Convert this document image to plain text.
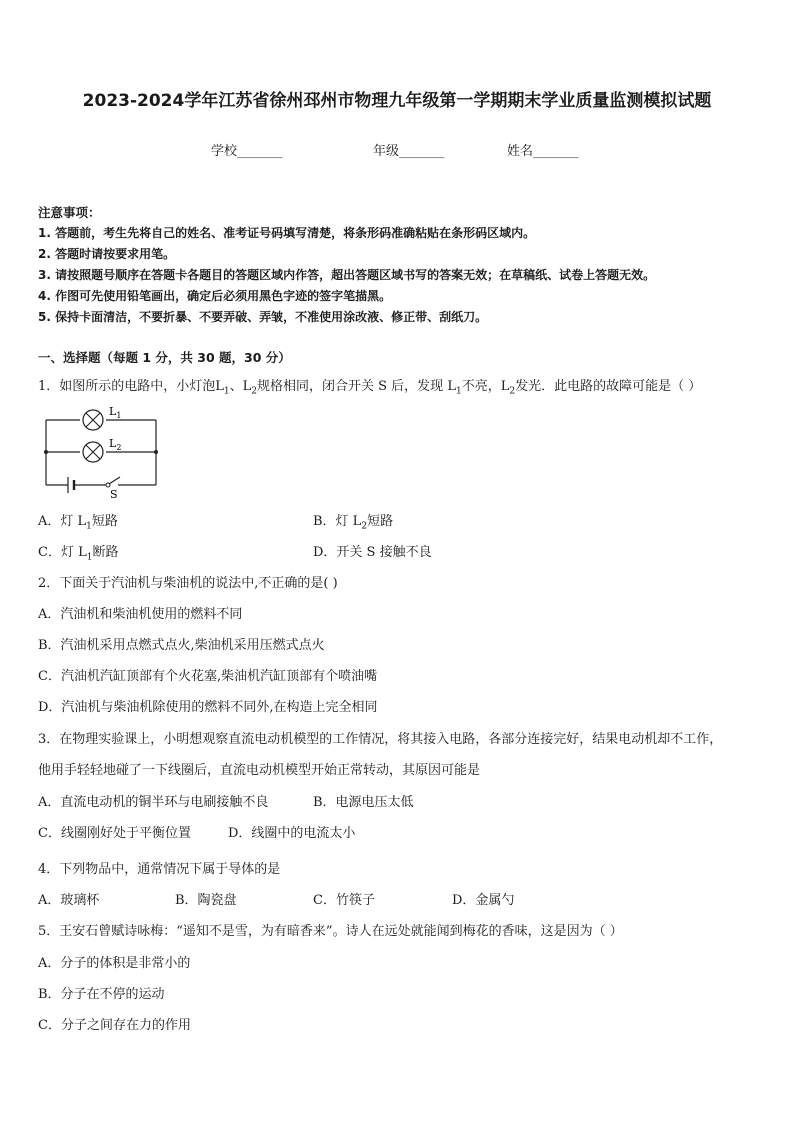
2023-2024学年江苏省徐州邳州市物理九年级第一学期期末学业质量监测模拟试题
学校_______	年级_______	姓名_______
注意事项：
1. 答题前，考生先将自己的姓名、准考证号码填写清楚，将条形码准确粘贴在条形码区域内。
2. 答题时请按要求用笔。
3. 请按照题号顺序在答题卡各题目的答题区域内作答，超出答题区域书写的答案无效；在草稿纸、试卷上答题无效。
4. 作图可先使用铅笔画出，确定后必须用黑色字迹的签字笔描黑。
5. 保持卡面清洁，不要折暴、不要弄破、弄皱，不准使用涂改液、修正带、刮纸刀。
一、选择题（每题 1 分，共 30 题，30 分）
1．如图所示的电路中，小灯泡$L_1$、$L_2$规格相同，闭合开关 S 后，发现 $L_1$不亮，$L_2$发光．此电路的故障可能是（ ）
$L_1$
$L_2$
S
A．灯 $L_1$短路	B．灯 $L_2$短路
C．灯 $L_1$断路	D．开关 S 接触不良
2．下面关于汽油机与柴油机的说法中,不正确的是( )
A．汽油机和柴油机使用的燃料不同
B．汽油机采用点燃式点火,柴油机采用压燃式点火
C．汽油机汽缸顶部有个火花塞,柴油机汽缸顶部有个喷油嘴
D．汽油机与柴油机除使用的燃料不同外,在构造上完全相同
3．在物理实验课上，小明想观察直流电动机模型的工作情况，将其接入电路，各部分连接完好，结果电动机却不工作，
他用手轻轻地碰了一下线圈后，直流电动机模型开始正常转动，其原因可能是
A．直流电动机的铜半环与电刷接触不良	B．电源电压太低
C．线圈刚好处于平衡位置	D．线圈中的电流太小
4．下列物品中，通常情况下属于导体的是
A．玻璃杯	B．陶瓷盘	C．竹筷子	D．金属勺
5．王安石曾赋诗咏梅：“遥知不是雪，为有暗香来”。诗人在远处就能闻到梅花的香味，这是因为（ ）
A．分子的体积是非常小的
B．分子在不停的运动
C．分子之间存在力的作用
